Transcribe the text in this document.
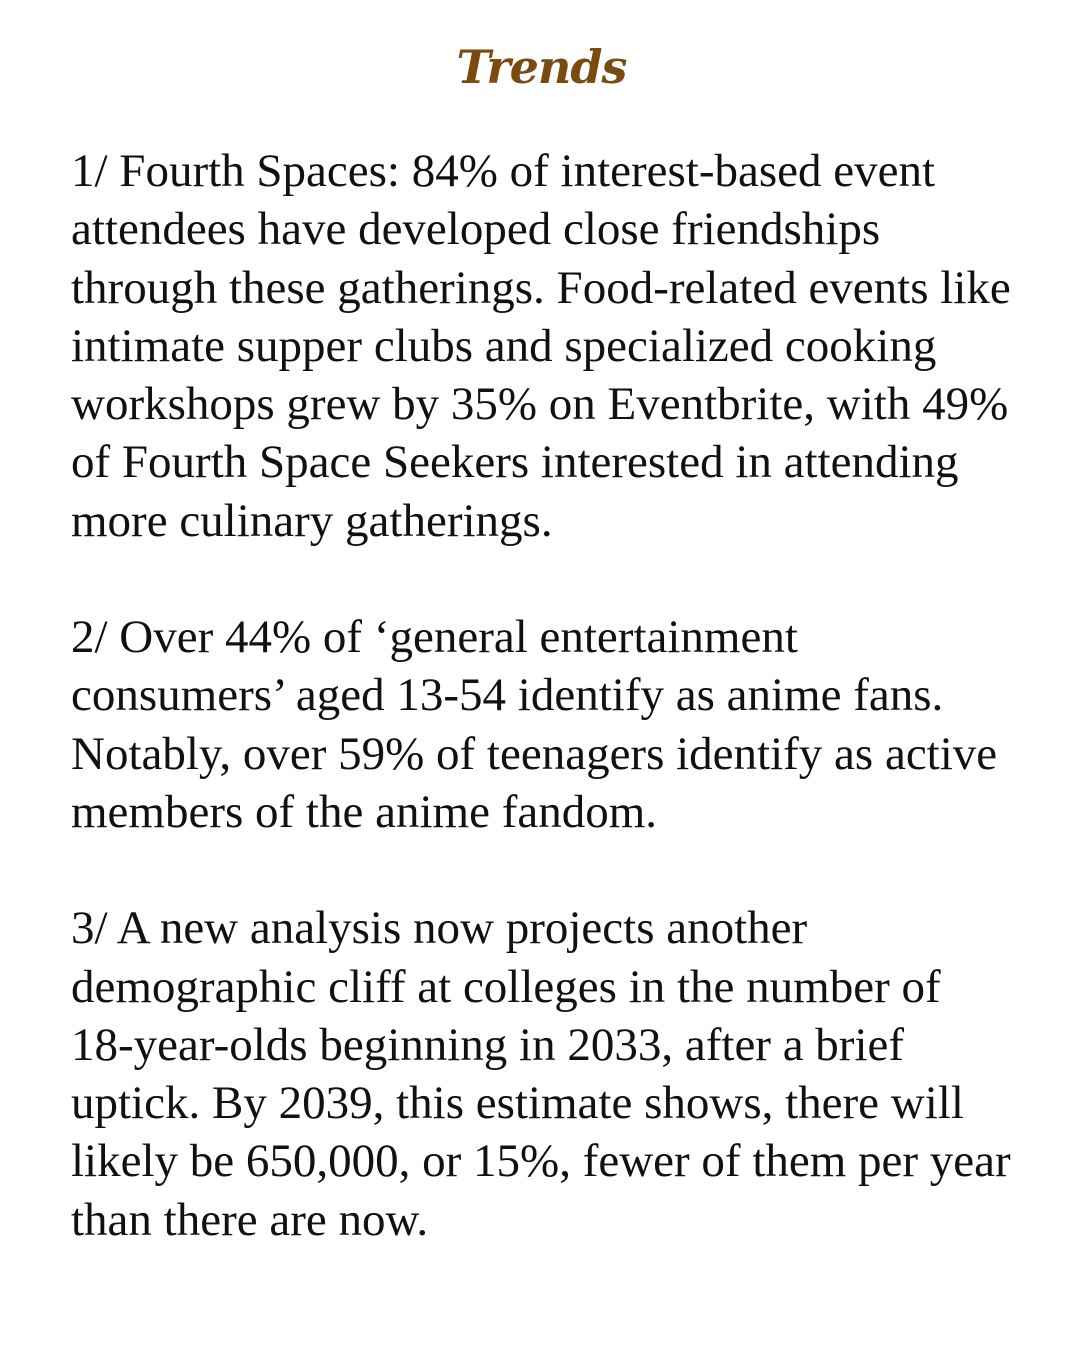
Trends

1/ Fourth Spaces: 84% of interest-based event attendees have developed close friendships through these gatherings. Food-related events like intimate supper clubs and specialized cooking workshops grew by 35% on Eventbrite, with 49% of Fourth Space Seekers interested in attending more culinary gatherings.

2/ Over 44% of ‘general entertainment consumers’ aged 13-54 identify as anime fans. Notably, over 59% of teenagers identify as active members of the anime fandom.

3/ A new analysis now projects another demographic cliff at colleges in the number of 18-year-olds beginning in 2033, after a brief uptick. By 2039, this estimate shows, there will likely be 650,000, or 15%, fewer of them per year than there are now.
